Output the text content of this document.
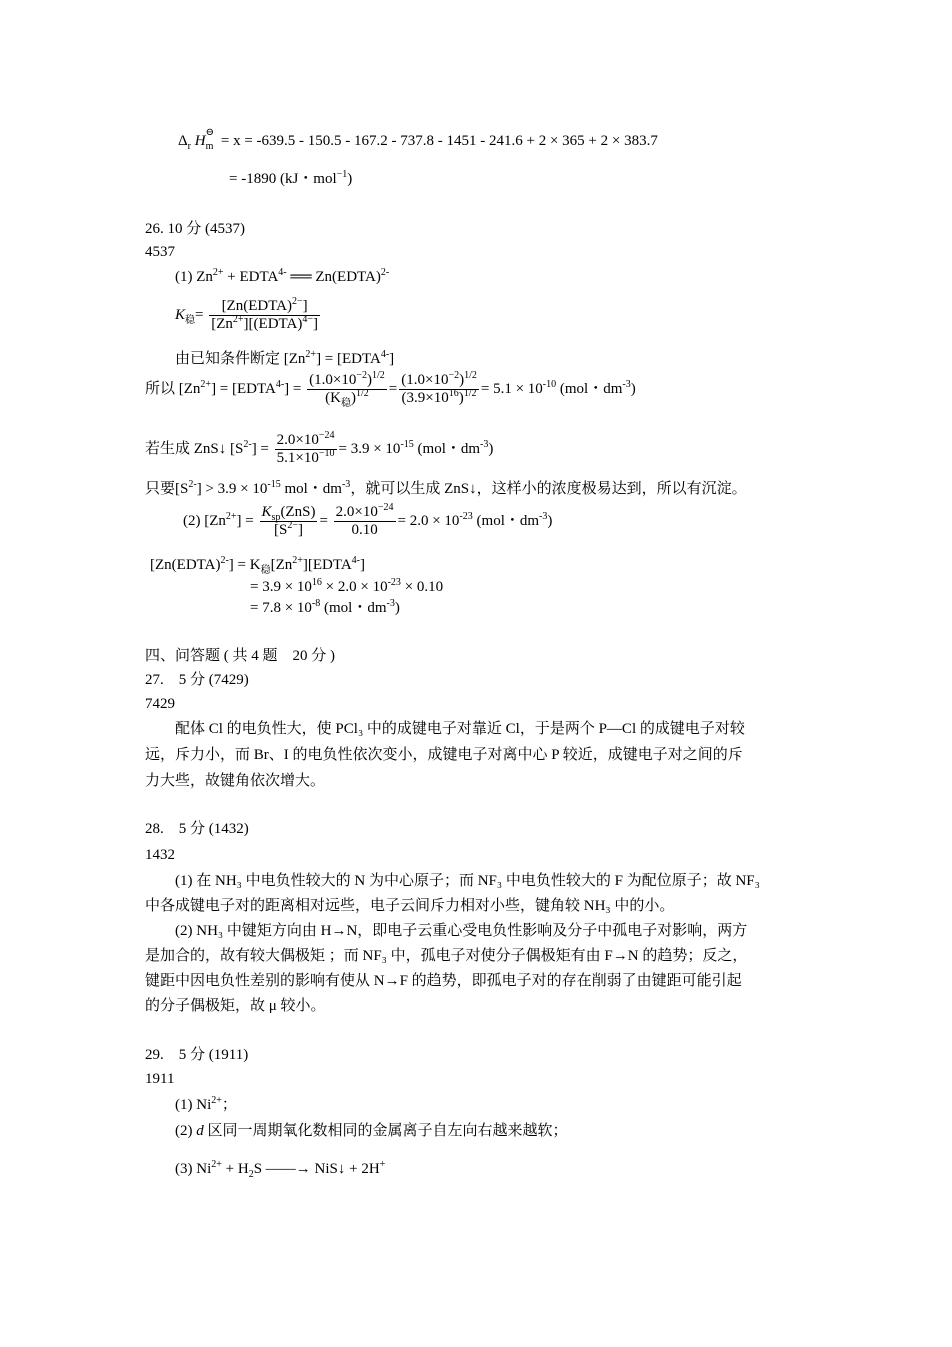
$\Delta_r$ H
⊖
$_m$ = x = -639.5 - 150.5 - 167.2 - 737.8 - 1451 - 241.6 + 2 × 365 + 2 × 383.7
= -1890 (kJ・mol$^{-1}$)
26. 10 分 (4537)
4537
(1) $Zn^{2+}$ + $EDTA^{4-}$ ══ Zn(EDTA)$^{2-}$
$K_稳= \frac{[Zn(EDTA)^{2-}]}{[Zn^{2+}][(EDTA)^{4-}]}$
由已知条件断定 $[Zn^{2+}]$ = $[EDTA^{4-}]$
所以 $[Zn^{2+}]$ = $[EDTA^{4-}] = \frac{(1.0\times 10^{-2})^{1/2}}{(K_稳)^{1/2}} = \frac{(1.0\times 10^{-2})^{1/2}}{(3.9\times 10^{16})^{1/2}} = 5.1 \times 10^{-10}$ (mol・$dm^{-3}$)
若生成 ZnS↓ $[S^{2-}] = \frac{2.0\times 10^{-24}}{5.1\times 10^{-10}} = 3.9 \times 10^{-15}$ (mol・$dm^{-3}$)
只要$[S^{2-}] > 3.9 \times 10^{-15}$ mol・$dm^{-3}$，就可以生成 ZnS↓，这样小的浓度极易达到，所以有沉淀。
(2) $[Zn^{2+}] = \frac{K_{sp}(ZnS)}{[S^{2-}]} = \frac{2.0\times 10^{-24}}{0.10} = 2.0 \times 10^{-23}$ (mol・$dm^{-3}$)
[Zn(EDTA)$^{2-}$] = $K_稳[Zn^{2+}][EDTA^{4-}]$
= $3.9 \times 10^{16} \times 2.0 \times 10^{-23} \times 0.10$
= $7.8 \times 10^{-8}$ (mol・$dm^{-3}$)
四、问答题 ( 共 4 题　20 分 )
27.　5 分 (7429)
7429
配体 Cl 的电负性大，使 PCl₃ 中的成键电子对靠近 Cl，于是两个 P—Cl 的成键电子对较
远，斥力小，而 Br、I 的电负性依次变小，成键电子对离中心 P 较近，成键电子对之间的斥
力大些，故键角依次增大。
28.　5 分 (1432)
1432
(1) 在 NH₃ 中电负性较大的 N 为中心原子；而 NF₃ 中电负性较大的 F 为配位原子；故 NF₃
中各成键电子对的距离相对远些，电子云间斥力相对小些，键角较 NH₃ 中的小。
(2) NH₃ 中键矩方向由 H→N，即电子云重心受电负性影响及分子中孤电子对影响，两方
是加合的，故有较大偶极矩 ；而 NF₃ 中，孤电子对使分子偶极矩有由 F→N 的趋势；反之，
键距中因电负性差别的影响有使从 N→F 的趋势，即孤电子对的存在削弱了由键距可能引起
的分子偶极矩，故 μ 较小。
29.　5 分 (1911)
1911
(1) $Ni^{2+}$；
(2) d 区同一周期氧化数相同的金属离子自左向右越来越软；
(3) $Ni^{2+} + H_2S$ ——→ NiS↓ + 2H+
